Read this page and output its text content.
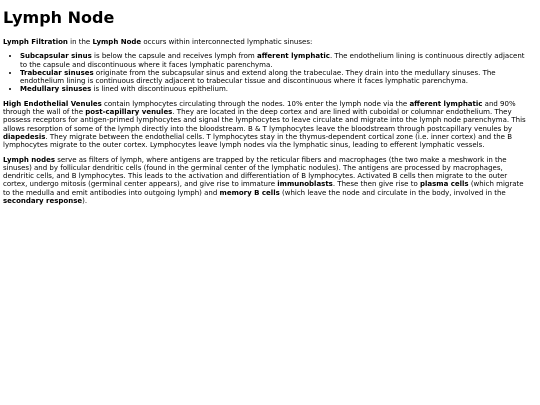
Lymph Node

Lymph Filtration in the Lymph Node occurs within interconnected lymphatic sinuses:

• Subcapsular sinus is below the capsule and receives lymph from afferent lymphatic. The endothelium lining is continuous directly adjacent to the capsule and discontinuous where it faces lymphatic parenchyma.
• Trabecular sinuses originate from the subcapsular sinus and extend along the trabeculae. They drain into the medullary sinuses. The endothelium lining is continuous directly adjacent to trabecular tissue and discontinuous where it faces lymphatic parenchyma.
• Medullary sinuses is lined with discontinuous epithelium.

High Endothelial Venules contain lymphocytes circulating through the nodes. 10% enter the lymph node via the afferent lymphatic and 90% through the wall of the post-capillary venules. They are located in the deep cortex and are lined with cuboidal or columnar endothelium. They possess receptors for antigen-primed lymphocytes and signal the lymphocytes to leave circulate and migrate into the lymph node parenchyma. This allows resorption of some of the lymph directly into the bloodstream. B & T lymphocytes leave the bloodstream through postcapillary venules by diapedesis. They migrate between the endothelial cells. T lymphocytes stay in the thymus-dependent cortical zone (i.e. inner cortex) and the B lymphocytes migrate to the outer cortex. Lymphocytes leave lymph nodes via the lymphatic sinus, leading to efferent lymphatic vessels.

Lymph nodes serve as filters of lymph, where antigens are trapped by the reticular fibers and macrophages (the two make a meshwork in the sinuses) and by follicular dendritic cells (found in the germinal center of the lymphatic nodules). The antigens are processed by macrophages, dendritic cells, and B lymphocytes. This leads to the activation and differentiation of B lymphocytes. Activated B cells then migrate to the outer cortex, undergo mitosis (germinal center appears), and give rise to immature immunoblasts. These then give rise to plasma cells (which migrate to the medulla and emit antibodies into outgoing lymph) and memory B cells (which leave the node and circulate in the body, involved in the secondary response).
